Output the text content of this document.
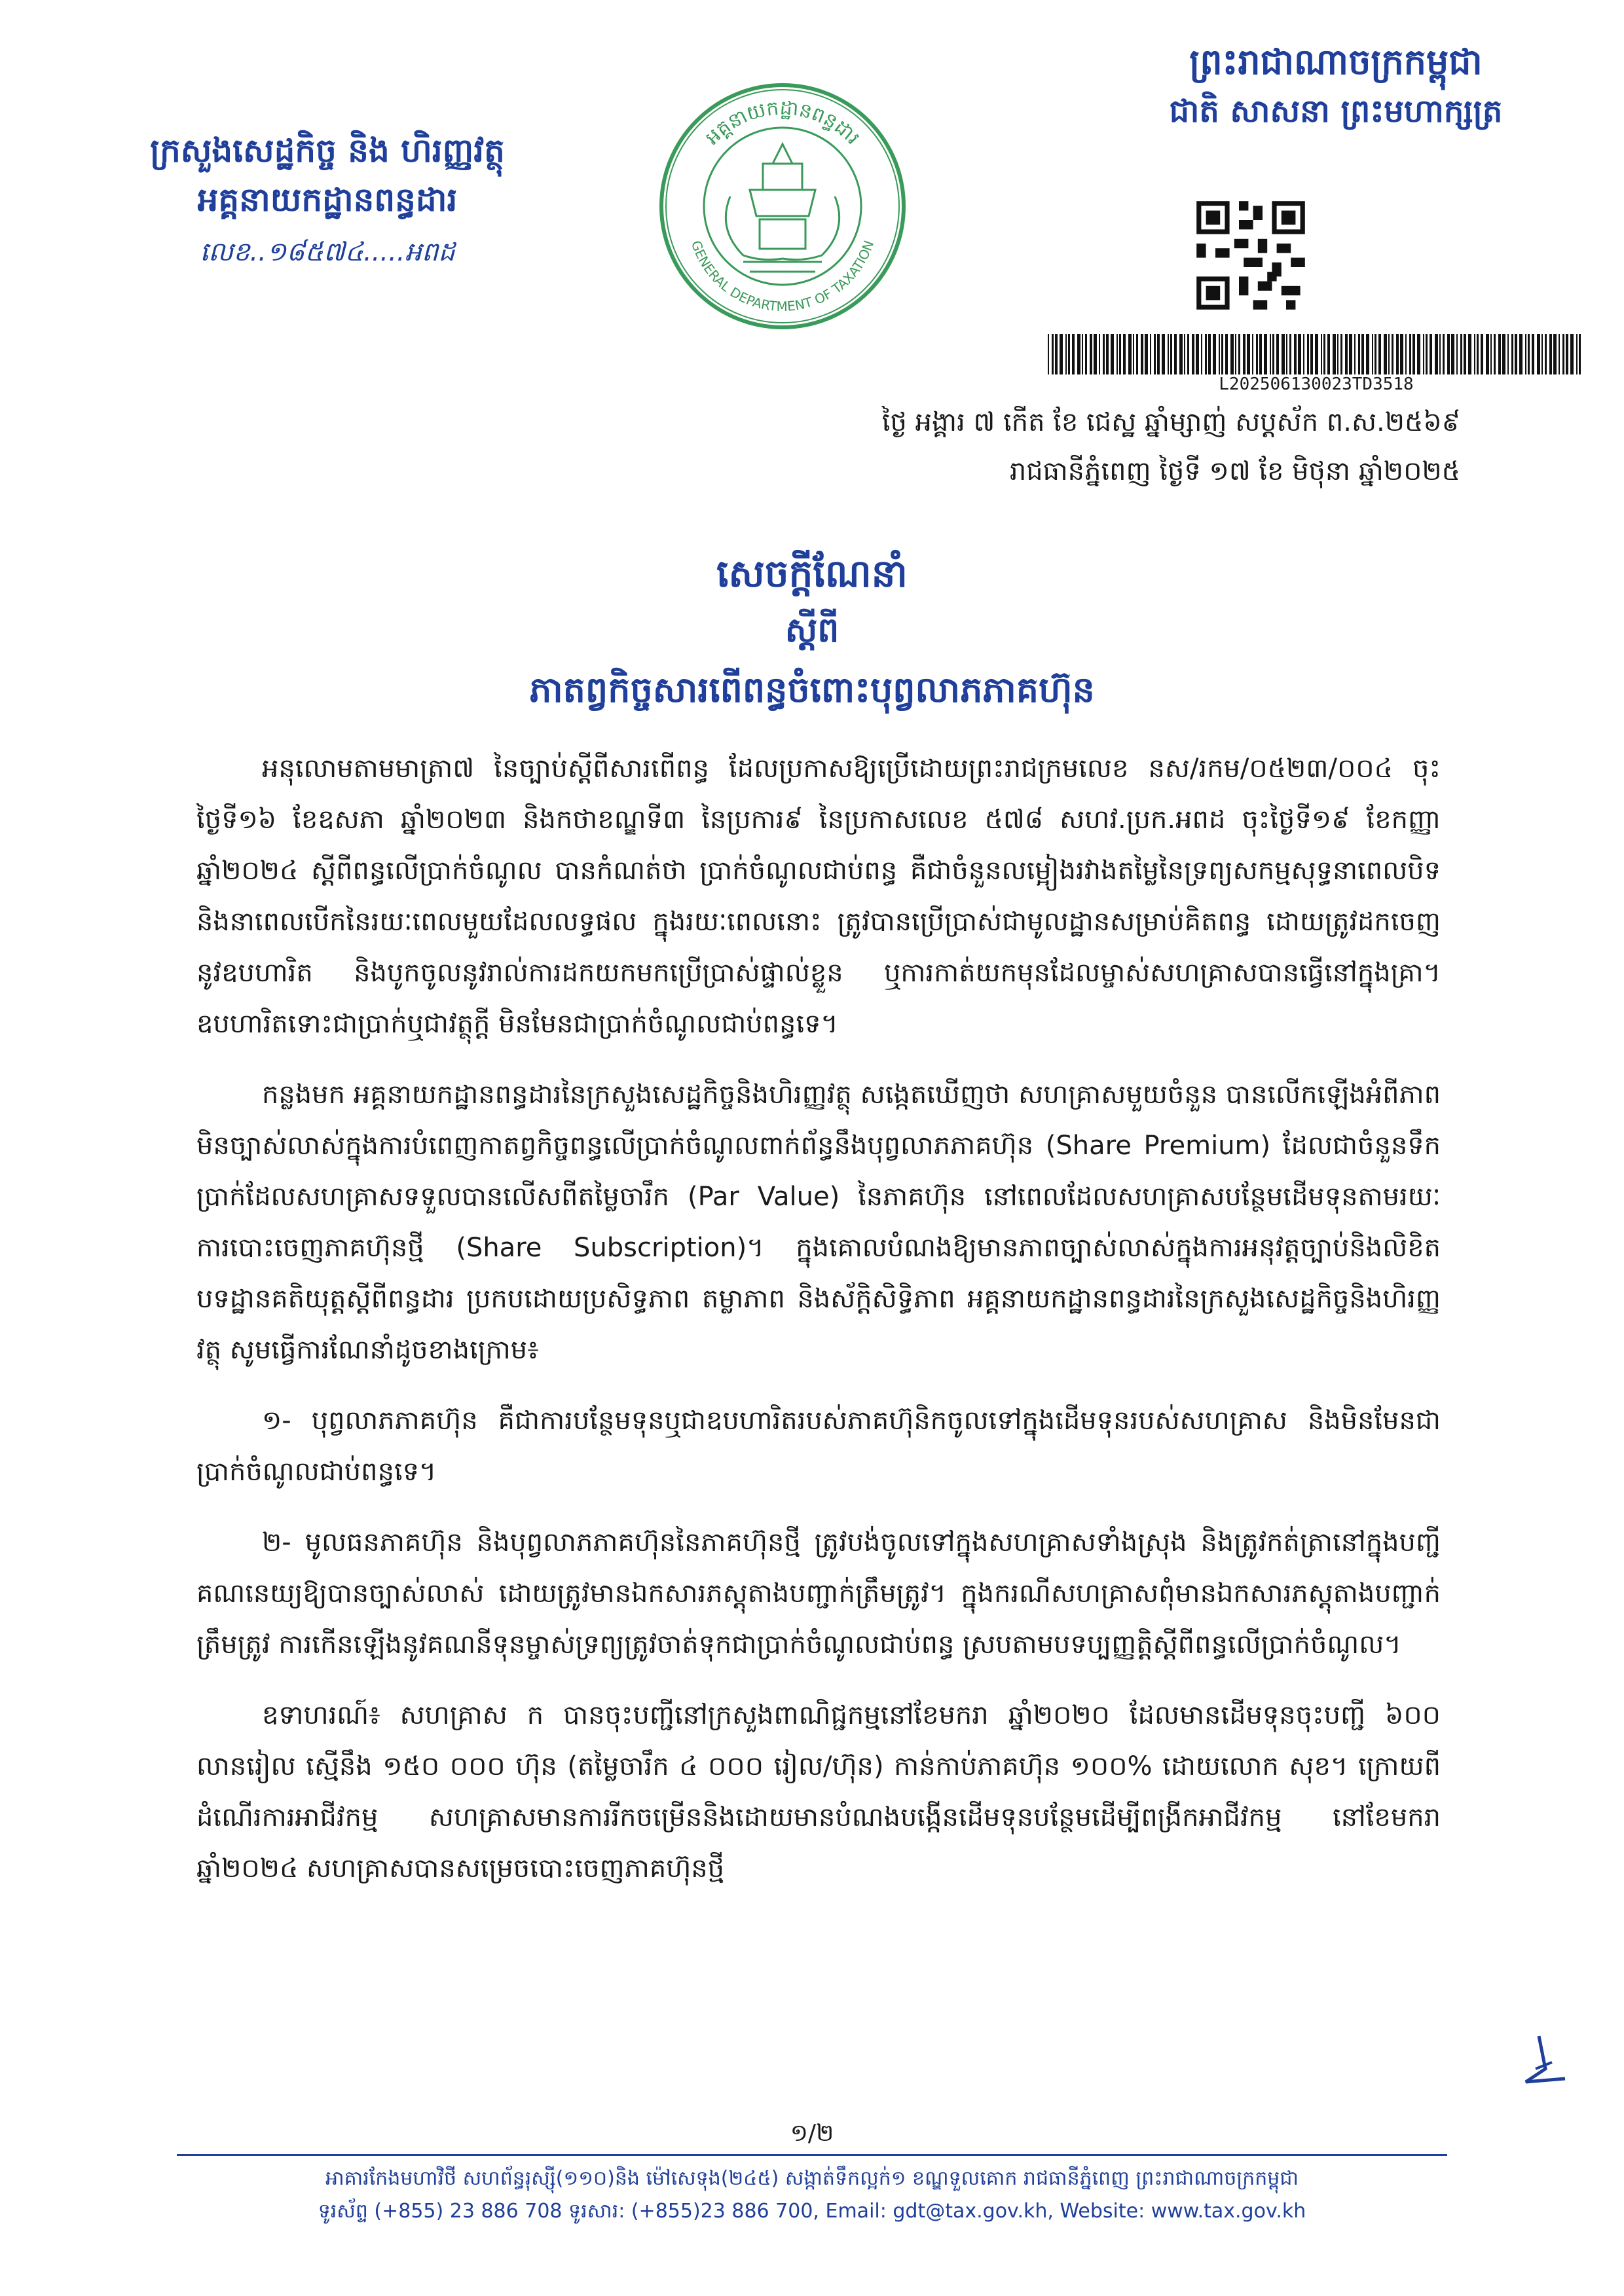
ក្រសួងសេដ្ឋកិច្ច និង ហិរញ្ញវត្ថុ
អគ្គនាយកដ្ឋានពន្ធដារ
លេខ..១៨៥៧៤.....អពដ
អគ្គនាយកដ្ឋានពន្ធដារ
GENERAL DEPARTMENT OF TAXATION
ព្រះរាជាណាចក្រកម្ពុជា
ជាតិ សាសនា ព្រះមហាក្សត្រ
L202506130023TD3518
ថ្ងៃ អង្គារ ៧ កើត ខែ ជេស្ឋ ឆ្នាំម្សាញ់ សប្តស័ក ព.ស.២៥៦៩
រាជធានីភ្នំពេញ ថ្ងៃទី ១៧ ខែ មិថុនា ឆ្នាំ២០២៥
សេចក្ដីណែនាំ
ស្ដីពី
ភាតព្វកិច្ចសារពើពន្ធចំពោះបុព្វលាភភាគហ៊ុន

អនុលោមតាមមាត្រា៧ នៃច្បាប់ស្ដីពីសារពើពន្ធ ដែលប្រកាសឱ្យប្រើដោយព្រះរាជក្រមលេខ នស/រកម/០៥២៣/០០៤ ចុះថ្ងៃទី១៦ ខែឧសភា ឆ្នាំ២០២៣ និងកថាខណ្ឌទី៣ នៃប្រការ៩ នៃប្រកាសលេខ ៥៧៨ សហវ.ប្រក.អពដ ចុះថ្ងៃទី១៩ ខែកញ្ញា ឆ្នាំ២០២៤ ស្ដីពីពន្ធលើប្រាក់ចំណូល បានកំណត់ថា ប្រាក់ចំណូលជាប់ពន្ធ គឺជាចំនួនលម្អៀងរវាងតម្លៃនៃទ្រព្យសកម្មសុទ្ធនាពេលបិទ និងនាពេលបើកនៃរយៈពេលមួយដែលលទ្ធផល ក្នុងរយៈពេលនោះ ត្រូវបានប្រើប្រាស់ជាមូលដ្ឋានសម្រាប់គិតពន្ធ ដោយត្រូវដកចេញនូវឧបហារិត និងបូកចូលនូវរាល់ការដកយកមកប្រើប្រាស់ផ្ទាល់ខ្លួន ឬការកាត់យកមុនដែលម្ចាស់សហគ្រាសបានធ្វើនៅក្នុងគ្រា។ ឧបហារិតទោះជាប្រាក់ឬជាវត្ថុក្ដី មិនមែនជាប្រាក់ចំណូលជាប់ពន្ធទេ។

កន្លងមក អគ្គនាយកដ្ឋានពន្ធដារនៃក្រសួងសេដ្ឋកិច្ចនិងហិរញ្ញវត្ថុ សង្កេតឃើញថា សហគ្រាសមួយចំនួន បានលើកឡើងអំពីភាពមិនច្បាស់លាស់ក្នុងការបំពេញកាតព្វកិច្ចពន្ធលើប្រាក់ចំណូលពាក់ព័ន្ធនឹងបុព្វលាភភាគហ៊ុន (Share Premium) ដែលជាចំនួនទឹកប្រាក់ដែលសហគ្រាសទទួលបានលើសពីតម្លៃចារឹក (Par Value) នៃភាគហ៊ុន នៅពេលដែលសហគ្រាសបន្ថែមដើមទុនតាមរយៈការបោះចេញភាគហ៊ុនថ្មី (Share Subscription)។ ក្នុងគោលបំណងឱ្យមានភាពច្បាស់លាស់ក្នុងការអនុវត្តច្បាប់និងលិខិតបទដ្ឋានគតិយុត្តស្ដីពីពន្ធដារ ប្រកបដោយប្រសិទ្ធភាព តម្លាភាព និងស័ក្ដិសិទ្ធិភាព អគ្គនាយកដ្ឋានពន្ធដារនៃក្រសួងសេដ្ឋកិច្ចនិងហិរញ្ញវត្ថុ សូមធ្វើការណែនាំដូចខាងក្រោម៖

១- បុព្វលាភភាគហ៊ុន គឺជាការបន្ថែមទុនឬជាឧបហារិតរបស់ភាគហ៊ុនិកចូលទៅក្នុងដើមទុនរបស់សហគ្រាស និងមិនមែនជាប្រាក់ចំណូលជាប់ពន្ធទេ។

២- មូលធនភាគហ៊ុន និងបុព្វលាភភាគហ៊ុននៃភាគហ៊ុនថ្មី ត្រូវបង់ចូលទៅក្នុងសហគ្រាសទាំងស្រុង និងត្រូវកត់ត្រានៅក្នុងបញ្ជីគណនេយ្យឱ្យបានច្បាស់លាស់ ដោយត្រូវមានឯកសារភស្ដុតាងបញ្ជាក់ត្រឹមត្រូវ។ ក្នុងករណីសហគ្រាសពុំមានឯកសារភស្ដុតាងបញ្ជាក់ត្រឹមត្រូវ ការកើនឡើងនូវគណនីទុនម្ចាស់ទ្រព្យត្រូវចាត់ទុកជាប្រាក់ចំណូលជាប់ពន្ធ ស្របតាមបទប្បញ្ញត្តិស្ដីពីពន្ធលើប្រាក់ចំណូល។

ឧទាហរណ៍៖ សហគ្រាស ក បានចុះបញ្ជីនៅក្រសួងពាណិជ្ជកម្មនៅខែមករា ឆ្នាំ២០២០ ដែលមានដើមទុនចុះបញ្ជី ៦០០ លានរៀល ស្មើនឹង ១៥០ ០០០ ហ៊ុន (តម្លៃចារឹក ៤ ០០០ រៀល/ហ៊ុន) កាន់កាប់ភាគហ៊ុន ១០០% ដោយលោក សុខ។ ក្រោយពីដំណើរការអាជីវកម្ម សហគ្រាសមានការរីកចម្រើននិងដោយមានបំណងបង្កើនដើមទុនបន្ថែមដើម្បីពង្រីកអាជីវកម្ម នៅខែមករា ឆ្នាំ២០២៤ សហគ្រាសបានសម្រេចបោះចេញភាគហ៊ុនថ្មី

១/២
អាគារកែងមហាវិថី សហព័ន្ធរុស្ស៊ី(១១០)និង ម៉ៅសេទុង(២៤៥) សង្កាត់ទឹកល្អក់១ ខណ្ឌទួលគោក រាជធានីភ្នំពេញ ព្រះរាជាណាចក្រកម្ពុជា
ទូរស័ព្ទ (+855) 23 886 708 ទូរសារ: (+855)23 886 700, Email: gdt@tax.gov.kh, Website: www.tax.gov.kh
